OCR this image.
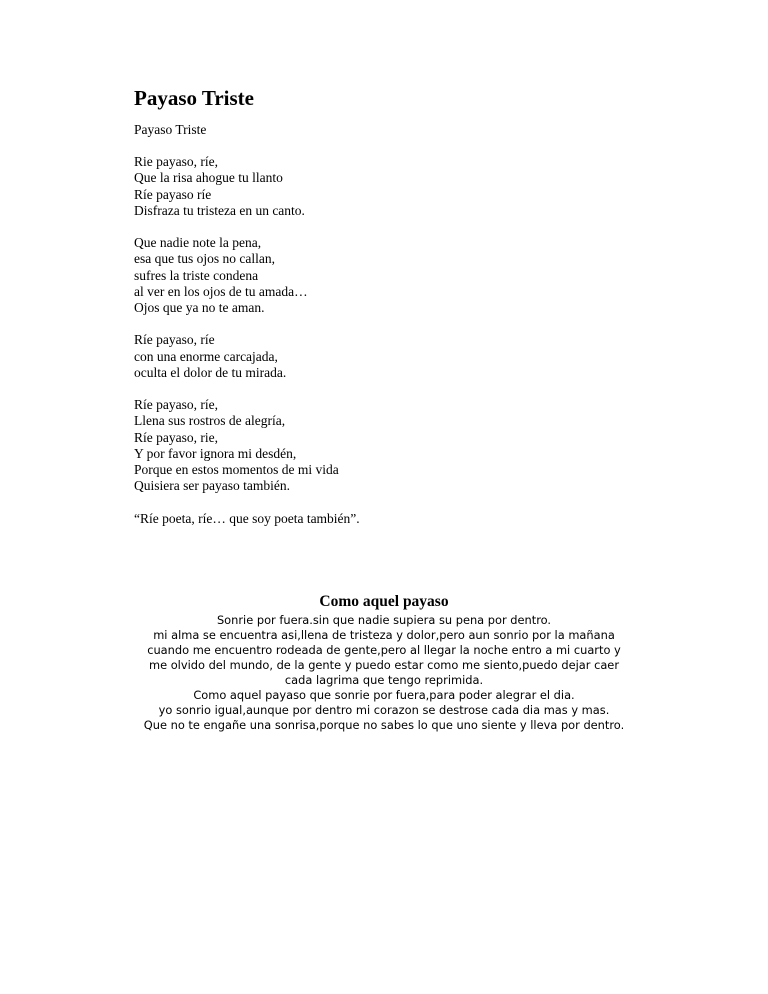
Payaso Triste
Payaso Triste
Rie payaso, ríe,
Que la risa ahogue tu llanto
Ríe payaso ríe
Disfraza tu tristeza en un canto.
Que nadie note la pena,
esa que tus ojos no callan,
sufres la triste condena
al ver en los ojos de tu amada…
Ojos que ya no te aman.
Ríe payaso, ríe
con una enorme carcajada,
oculta el dolor de tu mirada.
Ríe payaso, ríe,
Llena sus rostros de alegría,
Ríe payaso, rie,
Y por favor ignora mi desdén,
Porque en estos momentos de mi vida
Quisiera ser payaso también.
“Ríe poeta, ríe… que soy poeta también”.
Como aquel payaso
Sonrie por fuera.sin que nadie supiera su pena por dentro.
mi alma se encuentra asi,llena de tristeza y dolor,pero aun sonrio por la mañana
cuando me encuentro rodeada de gente,pero al llegar la noche entro a mi cuarto y
me olvido del mundo, de la gente y puedo estar como me siento,puedo dejar caer
cada lagrima que tengo reprimida.
Como aquel payaso que sonrie por fuera,para poder alegrar el dia.
yo sonrio igual,aunque por dentro mi corazon se destrose cada dia mas y mas.
Que no te engañe una sonrisa,porque no sabes lo que uno siente y lleva por dentro.
